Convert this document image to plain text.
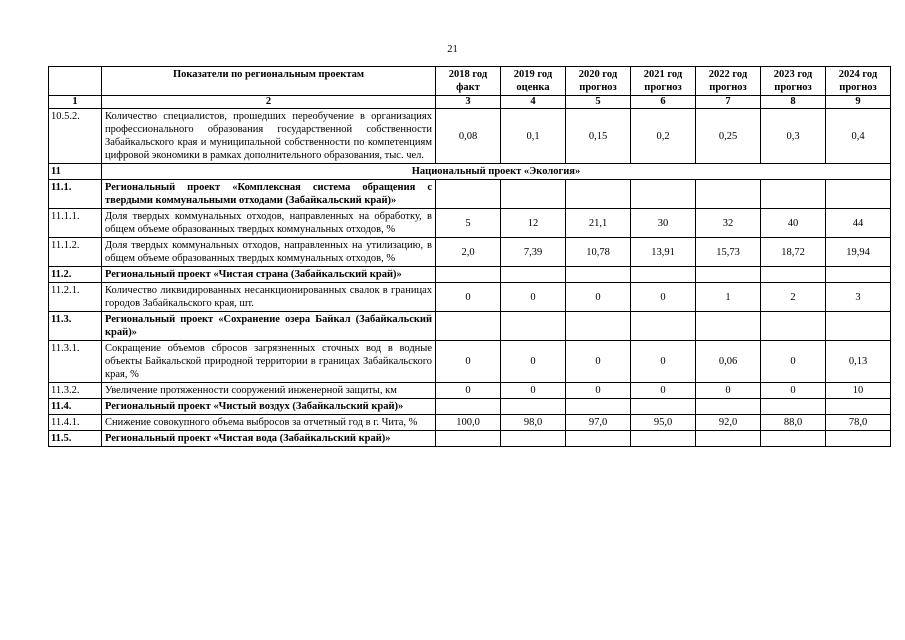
21
	Показатели по региональным проектам	2018 год факт	2019 год оценка	2020 год прогноз	2021 год прогноз	2022 год прогноз	2023 год прогноз	2024 год прогноз
1	2	3	4	5	6	7	8	9
10.5.2.	Количество специалистов, прошедших переобучение в организациях профессионального образования государственной собственности Забайкальского края и муниципальной собственности по компетенциям цифровой экономики в рамках дополнительного образования, тыс. чел.	0,08	0,1	0,15	0,2	0,25	0,3	0,4
11	Национальный проект «Экология»							
11.1.	Региональный проект «Комплексная система обращения с твердыми коммунальными отходами (Забайкальский край)»							
11.1.1.	Доля твердых коммунальных отходов, направленных на обработку, в общем объеме образованных твердых коммунальных отходов, %	5	12	21,1	30	32	40	44
11.1.2.	Доля твердых коммунальных отходов, направленных на утилизацию, в общем объеме образованных твердых коммунальных отходов, %	2,0	7,39	10,78	13,91	15,73	18,72	19,94
11.2.	Региональный проект «Чистая страна (Забайкальский край)»							
11.2.1.	Количество ликвидированных несанкционированных свалок в границах городов Забайкальского края, шт.	0	0	0	0	1	2	3
11.3.	Региональный проект «Сохранение озера Байкал (Забайкальский край)»							
11.3.1.	Сокращение объемов сбросов загрязненных сточных вод в водные объекты Байкальской природной территории в границах Забайкальского края, %	0	0	0	0	0,06	0	0,13
11.3.2.	Увеличение протяженности сооружений инженерной защиты, км	0	0	0	0	0	0	10
11.4.	Региональный проект «Чистый воздух (Забайкальский край)»							
11.4.1.	Снижение совокупного объема выбросов за отчетный год в г. Чита, %	100,0	98,0	97,0	95,0	92,0	88,0	78,0
11.5.	Региональный проект «Чистая вода (Забайкальский край)»							
